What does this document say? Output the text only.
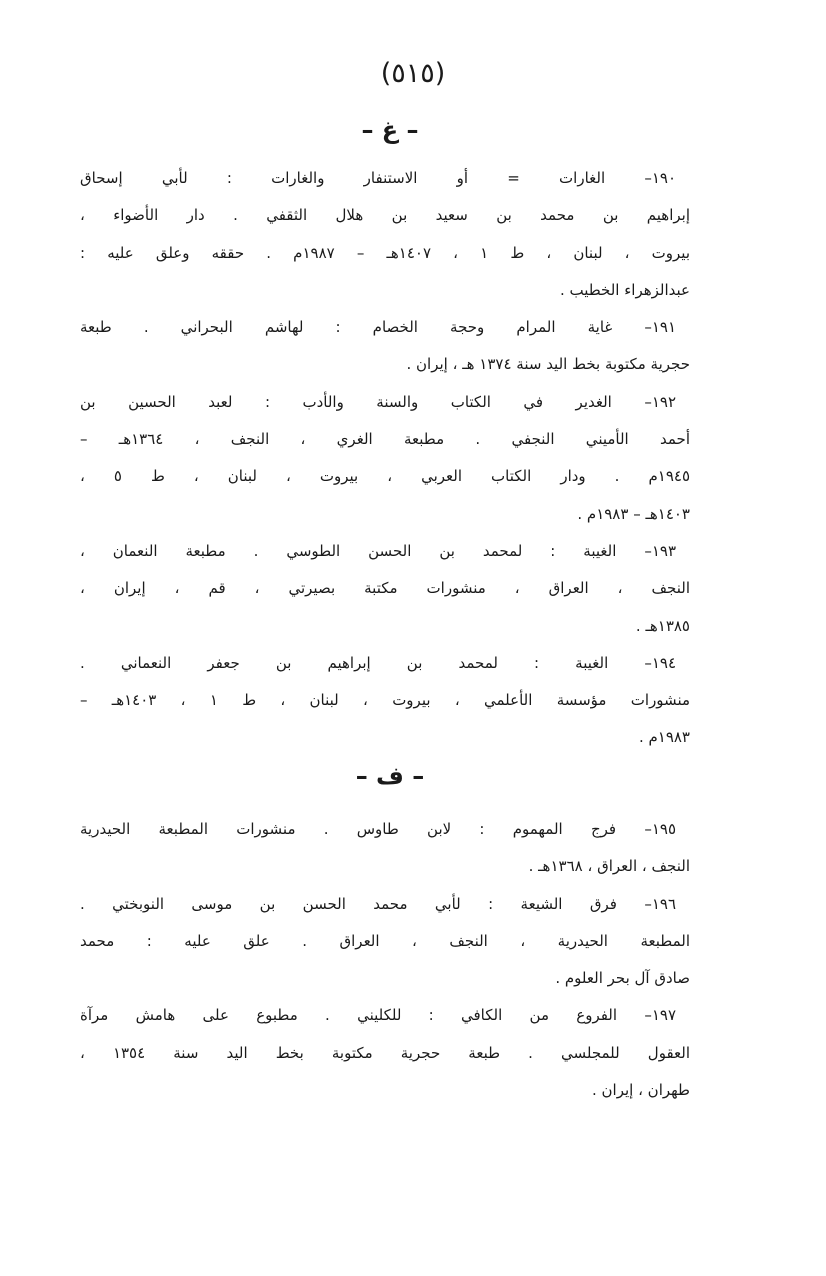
(٥١٥)
– غ –
١٩٠– الغارات = أو الاستنفار والغارات : لأبي إسحاق
إبراهيم بن محمد بن سعيد بن هلال الثقفي . دار الأضواء ،
بيروت ، لبنان ، ط ١ ، ١٤٠٧هـ – ١٩٨٧م . حققه وعلق عليه :
عبدالزهراء الخطيب .
١٩١– غاية المرام وحجة الخصام : لهاشم البحراني . طبعة
حجرية مكتوبة بخط اليد سنة ١٣٧٤ هـ ، إيران .
١٩٢– الغدير في الكتاب والسنة والأدب : لعبد الحسين بن
أحمد الأميني النجفي . مطبعة الغري ، النجف ، ١٣٦٤هـ –
١٩٤٥م . ودار الكتاب العربي ، بيروت ، لبنان ، ط ٥ ،
١٤٠٣هـ – ١٩٨٣م .
١٩٣– الغيبة : لمحمد بن الحسن الطوسي . مطبعة النعمان ،
النجف ، العراق ، منشورات مكتبة بصيرتي ، قم ، إيران ،
١٣٨٥هـ .
١٩٤– الغيبة : لمحمد بن إبراهيم بن جعفر النعماني .
منشورات مؤسسة الأعلمي ، بيروت ، لبنان ، ط ١ ، ١٤٠٣هـ –
١٩٨٣م .
– ف –
١٩٥– فرج المهموم : لابن طاوس . منشورات المطبعة الحيدرية
النجف ، العراق ، ١٣٦٨هـ .
١٩٦– فرق الشيعة : لأبي محمد الحسن بن موسى النوبختي .
المطبعة الحيدرية ، النجف ، العراق . علق عليه : محمد
صادق آل بحر العلوم .
١٩٧– الفروع من الكافي : للكليني . مطبوع على هامش مرآة
العقول للمجلسي . طبعة حجرية مكتوبة بخط اليد سنة ١٣٥٤ ،
طهران ، إيران .
